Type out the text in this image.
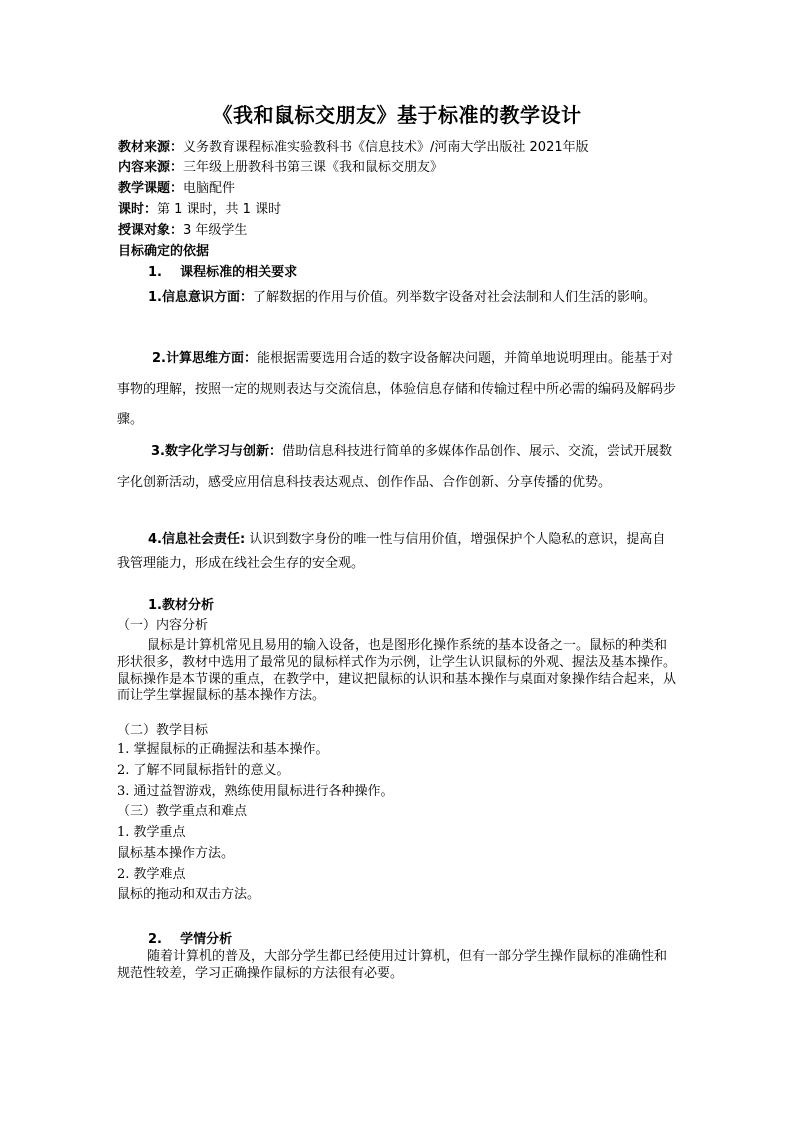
《我和鼠标交朋友》基于标准的教学设计
教材来源：义务教育课程标准实验教科书《信息技术》/河南大学出版社 2021年版
内容来源：三年级上册教科书第三课《我和鼠标交朋友》
教学课题：电脑配件
课时：第 1 课时，共 1 课时
授课对象：3 年级学生
目标确定的依据
1.    课程标准的相关要求
1.信息意识方面：了解数据的作用与价值。列举数字设备对社会法制和人们生活的影响。
2.计算思维方面：能根据需要选用合适的数字设备解决问题，并简单地说明理由。能基于对事物的理解，按照一定的规则表达与交流信息，体验信息存储和传输过程中所必需的编码及解码步骤。
3.数字化学习与创新：借助信息科技进行简单的多媒体作品创作、展示、交流，尝试开展数字化创新活动，感受应用信息科技表达观点、创作作品、合作创新、分享传播的优势。
4.信息社会责任: 认识到数字身份的唯一性与信用价值，增强保护个人隐私的意识，提高自我管理能力，形成在线社会生存的安全观。
1.教材分析
（一）内容分析
鼠标是计算机常见且易用的输入设备，也是图形化操作系统的基本设备之一。鼠标的种类和形状很多，教材中选用了最常见的鼠标样式作为示例，让学生认识鼠标的外观、握法及基本操作。鼠标操作是本节课的重点，在教学中，建议把鼠标的认识和基本操作与桌面对象操作结合起来，从而让学生掌握鼠标的基本操作方法。
（二）教学目标
1. 掌握鼠标的正确握法和基本操作。
2. 了解不同鼠标指针的意义。
3. 通过益智游戏，熟练使用鼠标进行各种操作。
（三）教学重点和难点
1. 教学重点
鼠标基本操作方法。
2. 教学难点
鼠标的拖动和双击方法。
2.    学情分析
随着计算机的普及，大部分学生都已经使用过计算机，但有一部分学生操作鼠标的准确性和规范性较差，学习正确操作鼠标的方法很有必要。
